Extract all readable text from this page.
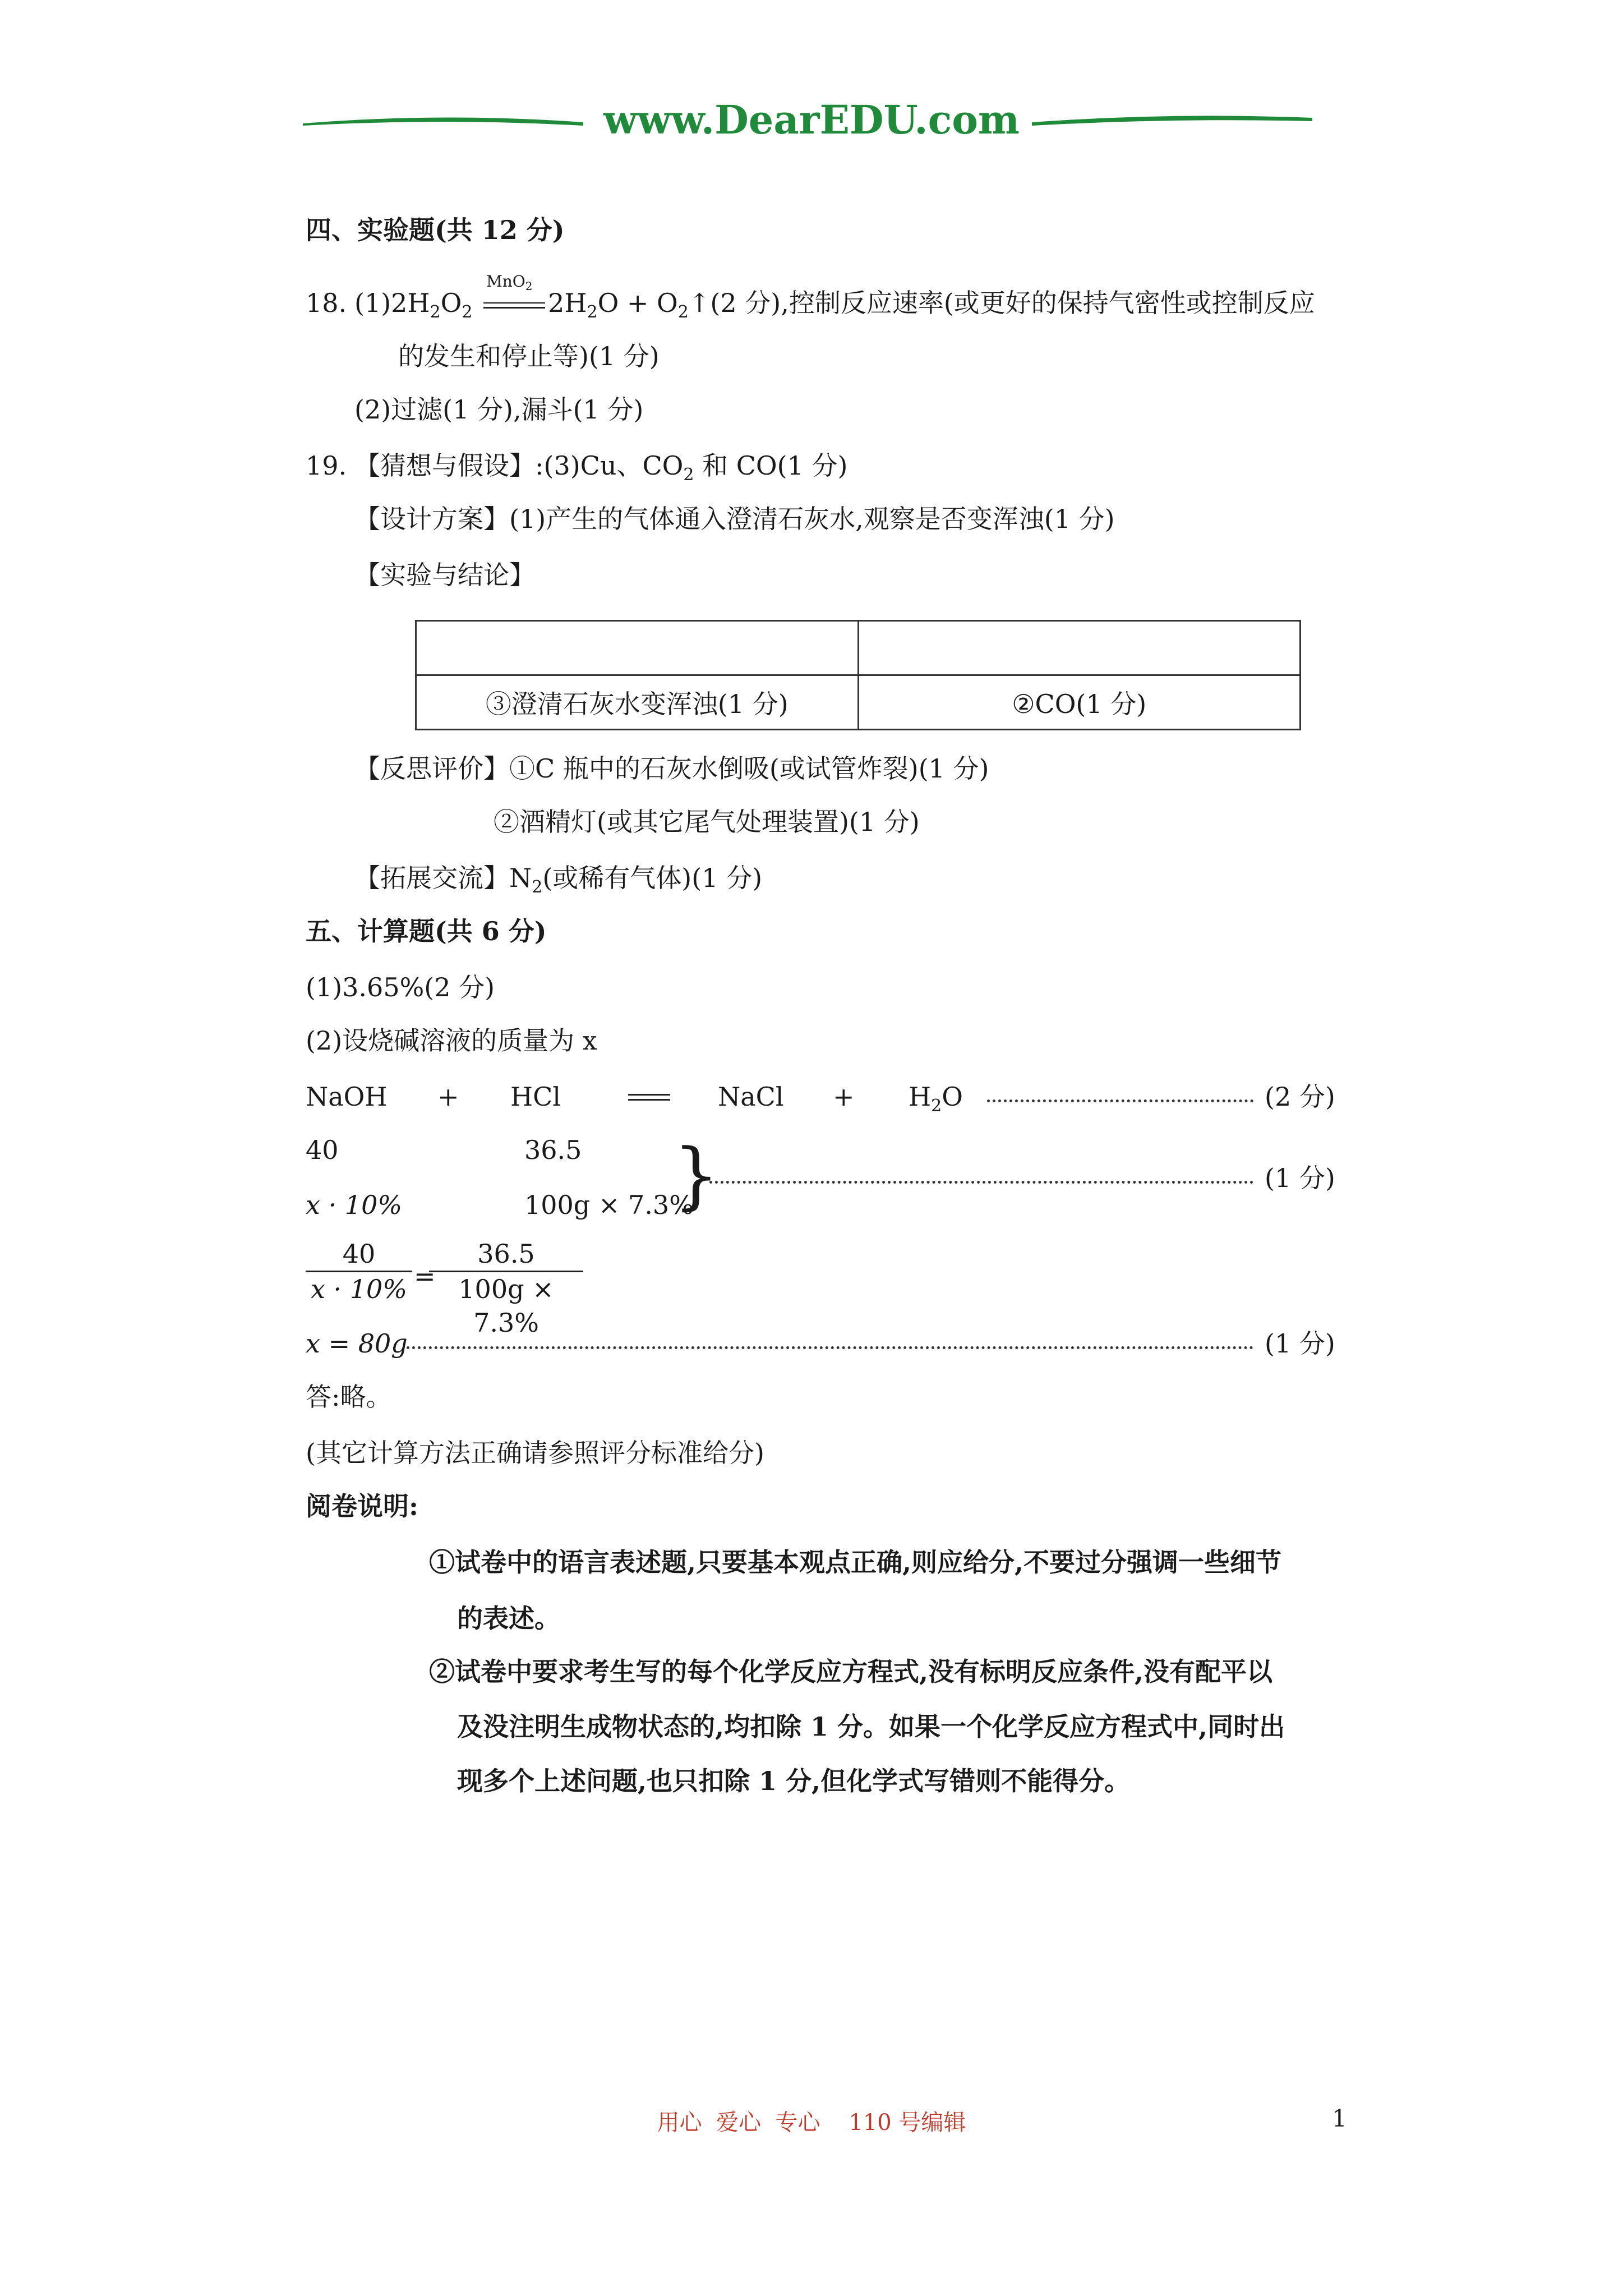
www.DearEDU.com
四、实验题(共 12 分)
18. $(1)2H_2O_2$
MnO$_2$
$2H_2O$ + $O_2↑(2$ 分),控制反应速率(或更好的保持气密性或控制反应
的发生和停止等)(1 分)
(2)过滤(1 分),漏斗(1 分)
19. 【猜想与假设】:(3)Cu、$CO_2$ 和 CO(1 分)
【设计方案】(1)产生的气体通入澄清石灰水,观察是否变浑浊(1 分)
【实验与结论】

③澄清石灰水变浑浊(1 分)	②CO(1 分)
【反思评价】①C 瓶中的石灰水倒吸(或试管炸裂)(1 分)
②酒精灯(或其它尾气处理装置)(1 分)
【拓展交流】$N_2$(或稀有气体)(1 分)
五、计算题(共 6 分)
(1)3.65%(2 分)
(2)设烧碱溶液的质量为 x
NaOH + HCl	NaCl + $H_2O$	(2 分)
40	36.5
x · 10%	100g × 7.3%
}	(1 分)
$\frac{40}{x \cdot 10\%}$ =
$\frac{36.5}{100g \times 7.3\%}$
x = 80g	(1 分)
答:略。
(其它计算方法正确请参照评分标准给分)
阅卷说明:
①试卷中的语言表述题,只要基本观点正确,则应给分,不要过分强调一些细节
的表述。
②试卷中要求考生写的每个化学反应方程式,没有标明反应条件,没有配平以
及没注明生成物状态的,均扣除 1 分。如果一个化学反应方程式中,同时出
现多个上述问题,也只扣除 1 分,但化学式写错则不能得分。
用心  爱心  专心    110 号编辑	1
